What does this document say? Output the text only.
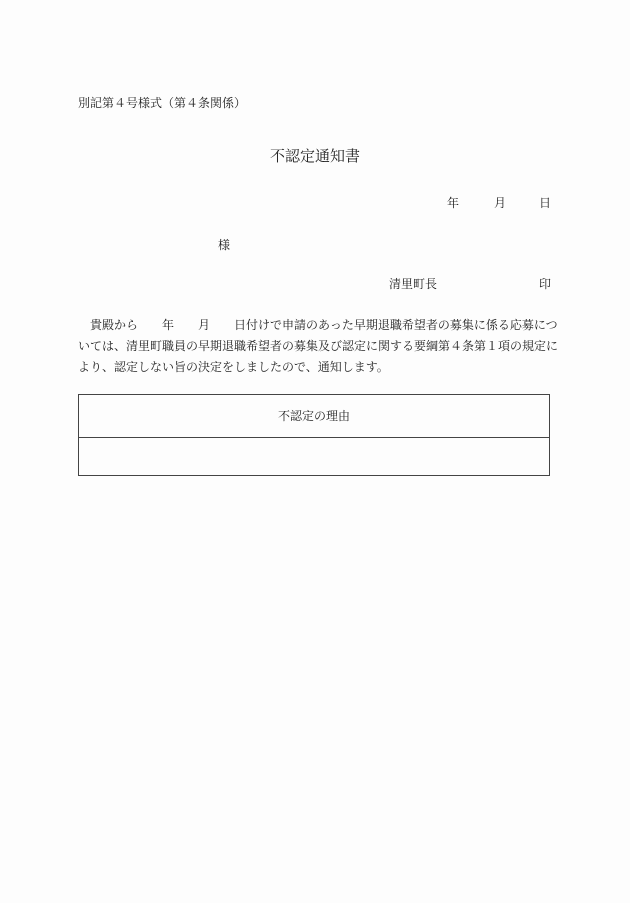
別記第４号様式（第４条関係）
不認定通知書
年	月	日
様
清里町長	印
　貴殿から　　年　　月　　日付けで申請のあった早期退職希望者の募集に係る応募につ
いては、清里町職員の早期退職希望者の募集及び認定に関する要綱第４条第１項の規定に
より、認定しない旨の決定をしましたので、通知します。
不認定の理由
